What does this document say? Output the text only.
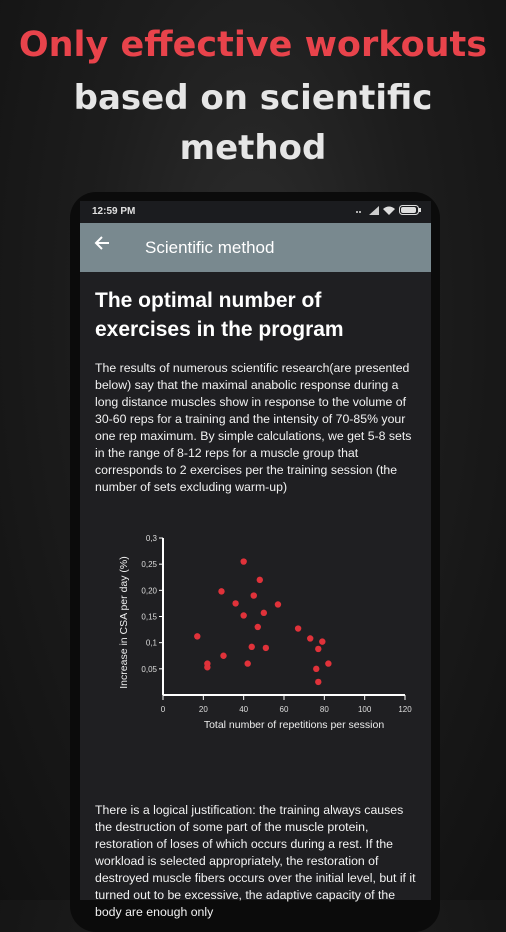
Only effective workouts
based on scientific
method
12:59 PM
Scientific method
The optimal number of exercises in the program
The results of numerous scientific research(are presented below) say that the maximal anabolic response during a long distance muscles show in response to the volume of 30-60 reps for a training and the intensity of 70-85% your one rep maximum. By simple calculations, we get 5-8 sets in the range of 8-12 reps for a muscle group that corresponds to 2 exercises per the training session (the number of sets excluding warm-up)
0	20	40	60	80	100	120
0,05
0,1
0,15
0,20
0,25
0,3
Total number of repetitions per session
Increase in CSA per day (%)
There is a logical justification: the training always causes the destruction of some part of the muscle protein, restoration of loses of which occurs during a rest. If the workload is selected appropriately, the restoration of destroyed muscle fibers occurs over the initial level, but if it turned out to be excessive, the adaptive capacity of the body are enough only
